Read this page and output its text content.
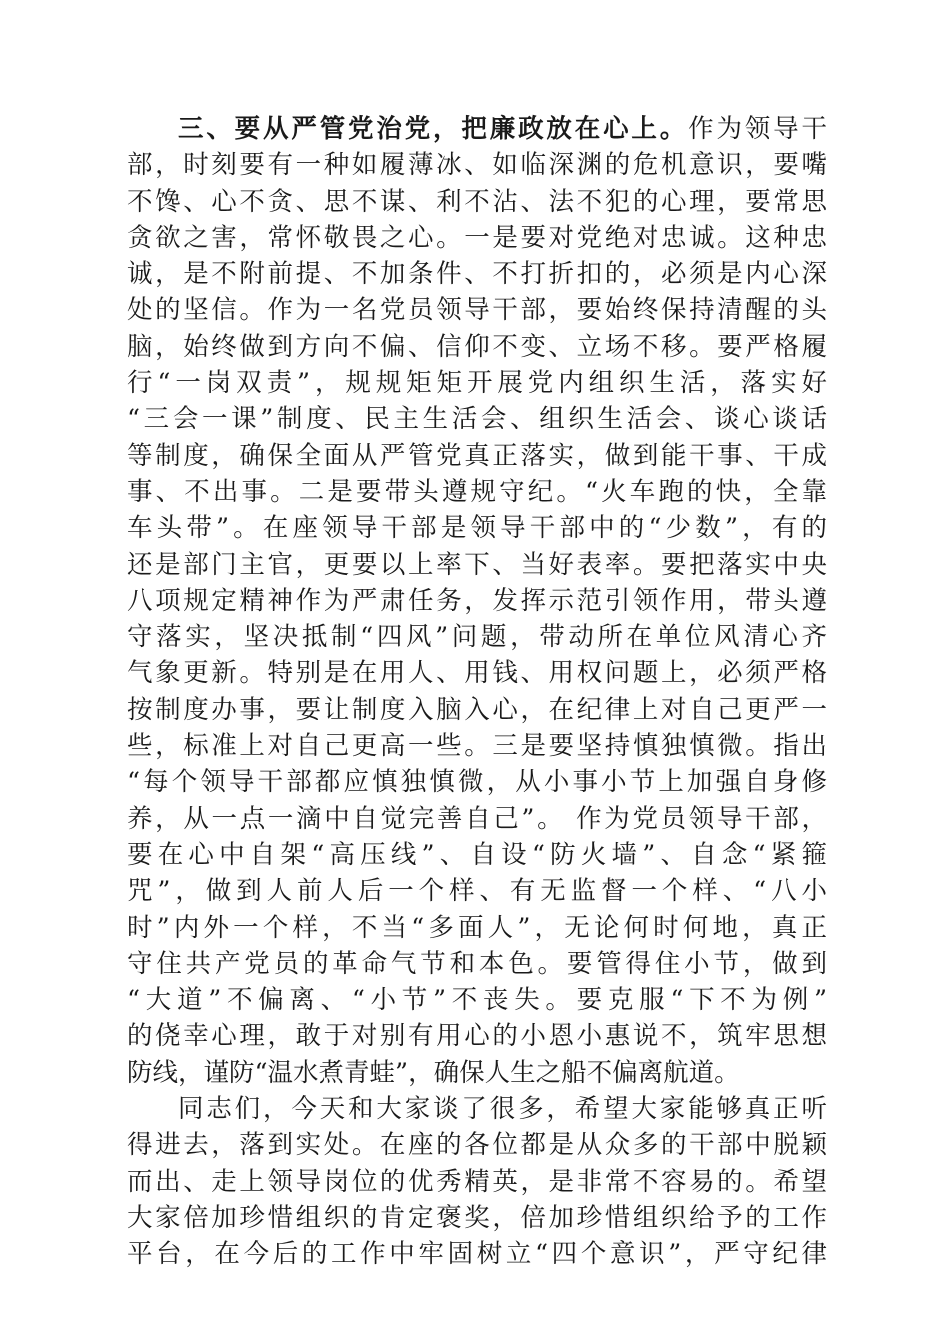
三、要从严管党治党，把廉政放在心上。作为领导干
部，时刻要有一种如履薄冰、如临深渊的危机意识，要嘴
不馋、心不贪、思不谋、利不沾、法不犯的心理，要常思
贪欲之害，常怀敬畏之心。一是要对党绝对忠诚。这种忠
诚，是不附前提、不加条件、不打折扣的，必须是内心深
处的坚信。作为一名党员领导干部，要始终保持清醒的头
脑，始终做到方向不偏、信仰不变、立场不移。要严格履
行“一岗双责”，规规矩矩开展党内组织生活，落实好
“三会一课”制度、民主生活会、组织生活会、谈心谈话
等制度，确保全面从严管党真正落实，做到能干事、干成
事、不出事。二是要带头遵规守纪。“火车跑的快，全靠
车头带”。在座领导干部是领导干部中的“少数”，有的
还是部门主官，更要以上率下、当好表率。要把落实中央
八项规定精神作为严肃任务，发挥示范引领作用，带头遵
守落实，坚决抵制“四风”问题，带动所在单位风清心齐
气象更新。特别是在用人、用钱、用权问题上，必须严格
按制度办事，要让制度入脑入心，在纪律上对自己更严一
些，标准上对自己更高一些。三是要坚持慎独慎微。指出
“每个领导干部都应慎独慎微，从小事小节上加强自身修
养，从一点一滴中自觉完善自己”。 作为党员领导干部，
要在心中自架“高压线”、自设“防火墙”、自念“紧箍
咒”，做到人前人后一个样、有无监督一个样、“八小
时”内外一个样，不当“多面人”，无论何时何地，真正
守住共产党员的革命气节和本色。要管得住小节，做到
“大道”不偏离、“小节”不丧失。要克服“下不为例”
的侥幸心理，敢于对别有用心的小恩小惠说不，筑牢思想
防线，谨防“温水煮青蛙”，确保人生之船不偏离航道。
同志们，今天和大家谈了很多，希望大家能够真正听
得进去，落到实处。在座的各位都是从众多的干部中脱颖
而出、走上领导岗位的优秀精英，是非常不容易的。希望
大家倍加珍惜组织的肯定褒奖，倍加珍惜组织给予的工作
平台，在今后的工作中牢固树立“四个意识”，严守纪律
